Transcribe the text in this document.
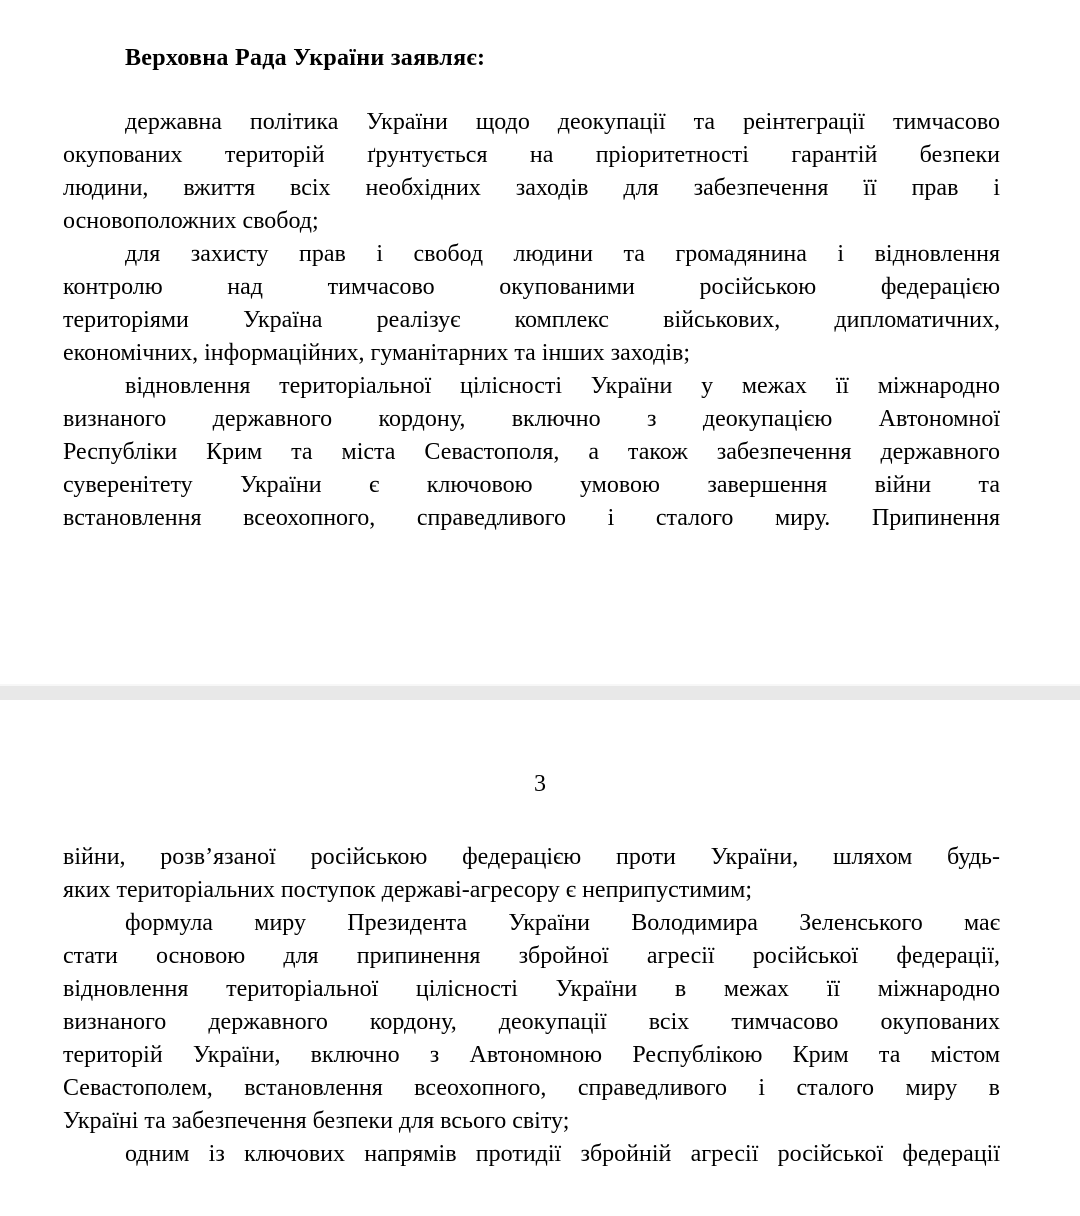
Верховна Рада України заявляє:
державна політика України щодо деокупації та реінтеграції тимчасово
окупованих територій ґрунтується на пріоритетності гарантій безпеки
людини, вжиття всіх необхідних заходів для забезпечення її прав і
основоположних свобод;
для захисту прав і свобод людини та громадянина і відновлення
контролю над тимчасово окупованими російською федерацією
територіями Україна реалізує комплекс військових, дипломатичних,
економічних, інформаційних, гуманітарних та інших заходів;
відновлення територіальної цілісності України у межах її міжнародно
визнаного державного кордону, включно з деокупацією Автономної
Республіки Крим та міста Севастополя, а також забезпечення державного
суверенітету України є ключовою умовою завершення війни та
встановлення всеохопного, справедливого і сталого миру. Припинення
3
війни, розв’язаної російською федерацією проти України, шляхом будь-
яких територіальних поступок державі-агресору є неприпустимим;
формула миру Президента України Володимира Зеленського має
стати основою для припинення збройної агресії російської федерації,
відновлення територіальної цілісності України в межах її міжнародно
визнаного державного кордону, деокупації всіх тимчасово окупованих
територій України, включно з Автономною Республікою Крим та містом
Севастополем, встановлення всеохопного, справедливого і сталого миру в
Україні та забезпечення безпеки для всього світу;
одним із ключових напрямів протидії збройній агресії російської федерації
